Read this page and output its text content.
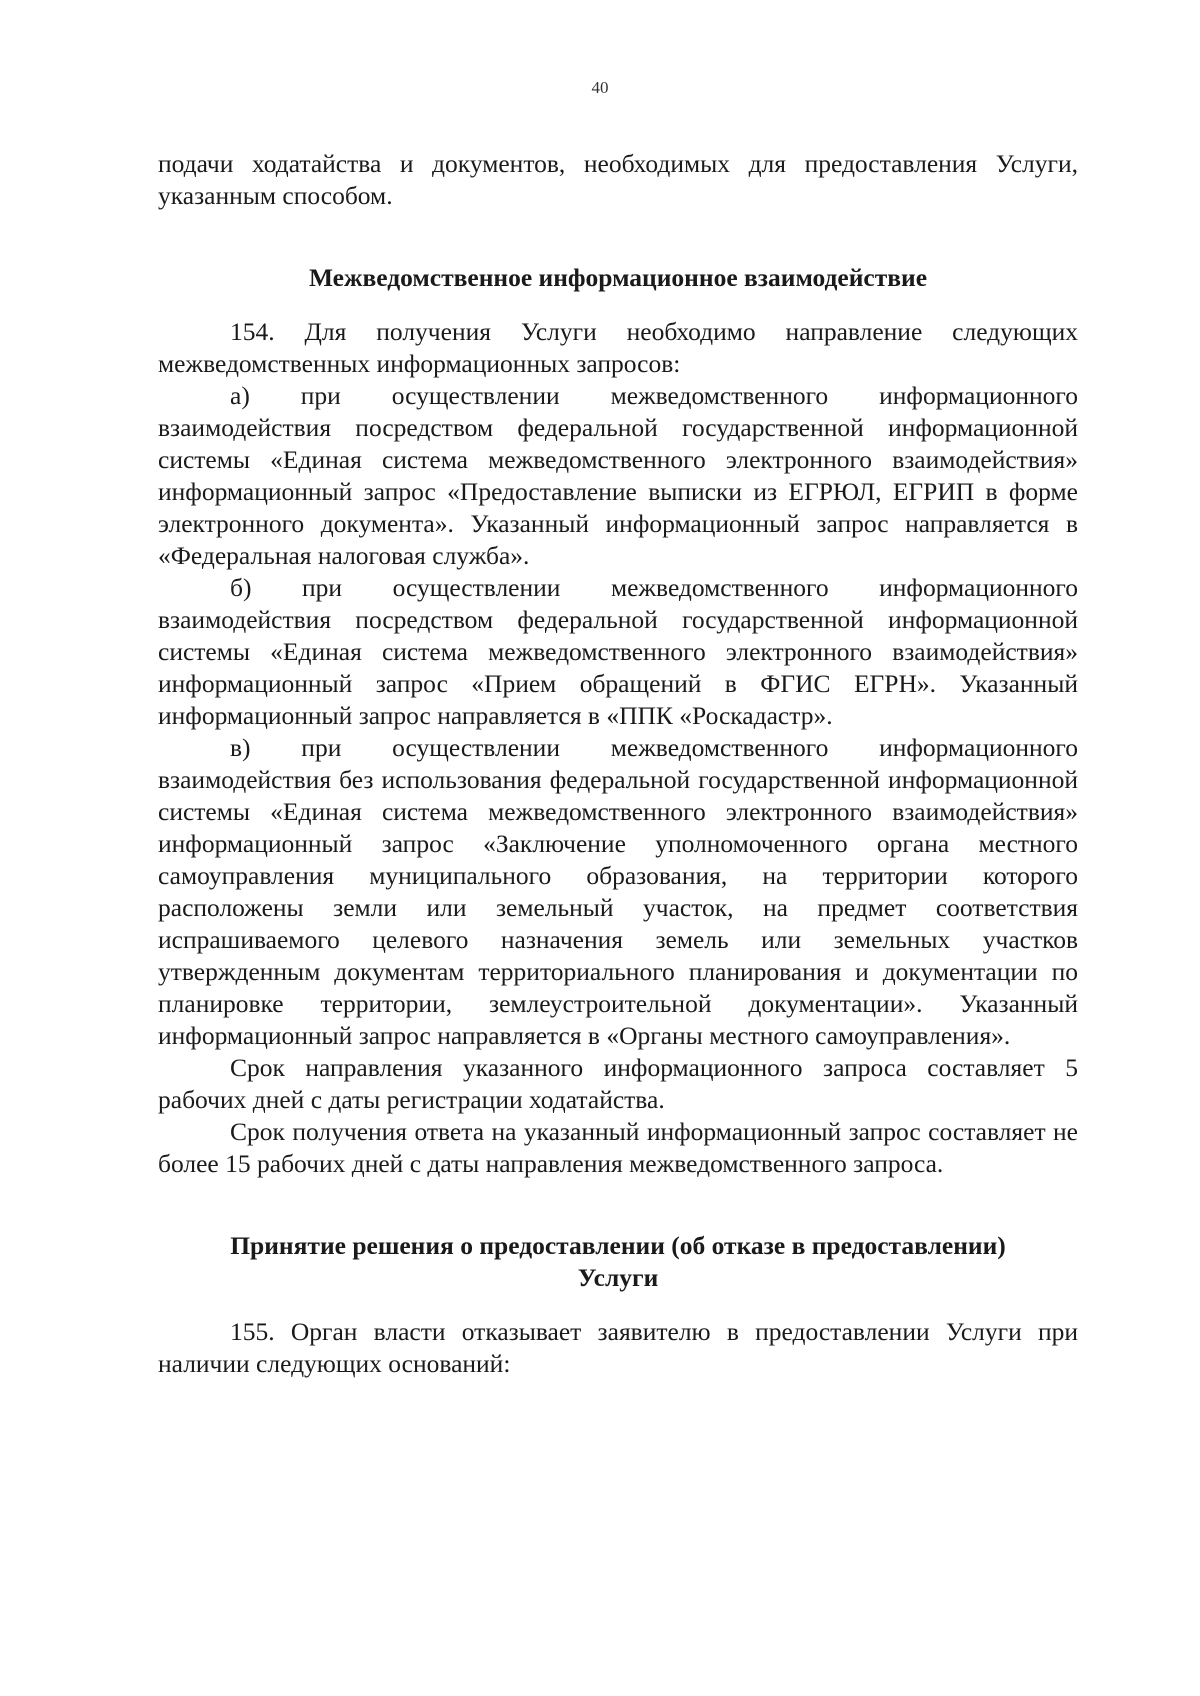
40

подачи ходатайства и документов, необходимых для предоставления Услуги, указанным способом.

Межведомственное информационное взаимодействие

154. Для получения Услуги необходимо направление следующих межведомственных информационных запросов:

а) при осуществлении межведомственного информационного взаимодействия посредством федеральной государственной информационной системы «Единая система межведомственного электронного взаимодействия» информационный запрос «Предоставление выписки из ЕГРЮЛ, ЕГРИП в форме электронного документа». Указанный информационный запрос направляется в «Федеральная налоговая служба».

б) при осуществлении межведомственного информационного взаимодействия посредством федеральной государственной информационной системы «Единая система межведомственного электронного взаимодействия» информационный запрос «Прием обращений в ФГИС ЕГРН». Указанный информационный запрос направляется в «ППК «Роскадастр».

в) при осуществлении межведомственного информационного взаимодействия без использования федеральной государственной информационной системы «Единая система межведомственного электронного взаимодействия» информационный запрос «Заключение уполномоченного органа местного самоуправления муниципального образования, на территории которого расположены земли или земельный участок, на предмет соответствия испрашиваемого целевого назначения земель или земельных участков утвержденным документам территориального планирования и документации по планировке территории, землеустроительной документации». Указанный информационный запрос направляется в «Органы местного самоуправления».

Срок направления указанного информационного запроса составляет 5 рабочих дней с даты регистрации ходатайства.

Срок получения ответа на указанный информационный запрос составляет не более 15 рабочих дней с даты направления межведомственного запроса.

Принятие решения о предоставлении (об отказе в предоставлении)
Услуги

155. Орган власти отказывает заявителю в предоставлении Услуги при наличии следующих оснований:
